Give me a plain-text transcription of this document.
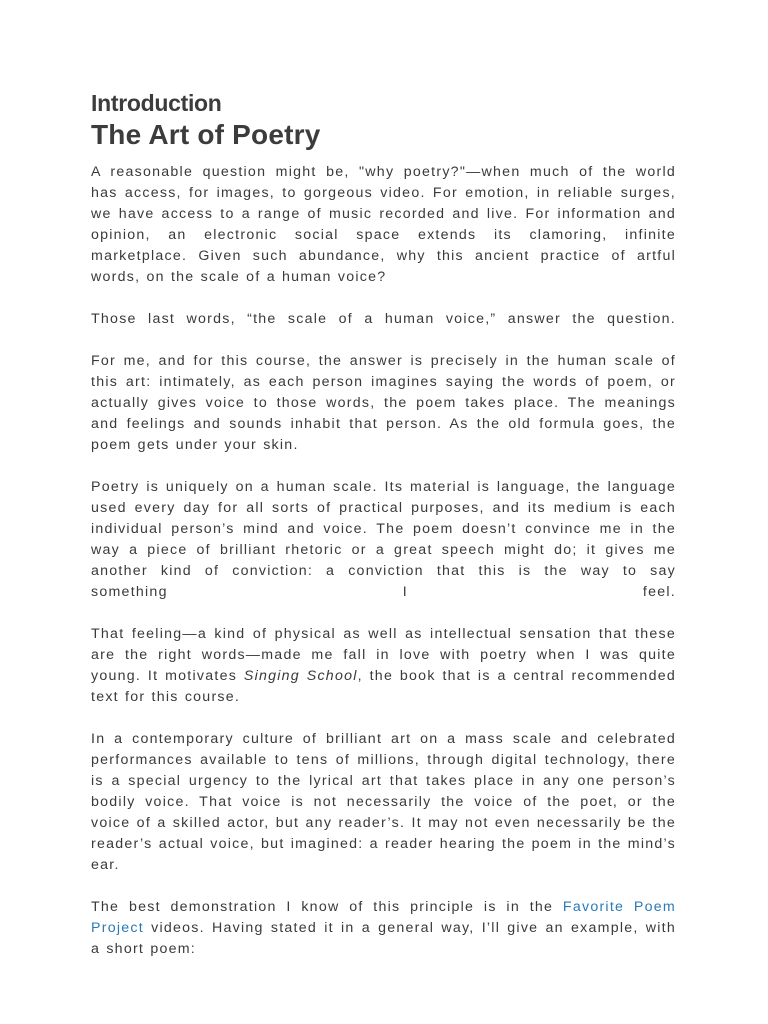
Introduction
The Art of Poetry

A reasonable question might be, "why poetry?"—when much of the world has access, for images, to gorgeous video. For emotion, in reliable surges, we have access to a range of music recorded and live. For information and opinion, an electronic social space extends its clamoring, infinite marketplace. Given such abundance, why this ancient practice of artful words, on the scale of a human voice?

Those last words, “the scale of a human voice,” answer the question.

For me, and for this course, the answer is precisely in the human scale of this art: intimately, as each person imagines saying the words of poem, or actually gives voice to those words, the poem takes place. The meanings and feelings and sounds inhabit that person. As the old formula goes, the poem gets under your skin.

Poetry is uniquely on a human scale. Its material is language, the language used every day for all sorts of practical purposes, and its medium is each individual person’s mind and voice. The poem doesn’t convince me in the way a piece of brilliant rhetoric or a great speech might do; it gives me another kind of conviction: a conviction that this is the way to say something I feel.

That feeling—a kind of physical as well as intellectual sensation that these are the right words—made me fall in love with poetry when I was quite young. It motivates Singing School, the book that is a central recommended text for this course.

In a contemporary culture of brilliant art on a mass scale and celebrated performances available to tens of millions, through digital technology, there is a special urgency to the lyrical art that takes place in any one person’s bodily voice. That voice is not necessarily the voice of the poet, or the voice of a skilled actor, but any reader’s. It may not even necessarily be the reader’s actual voice, but imagined: a reader hearing the poem in the mind’s ear.

The best demonstration I know of this principle is in the Favorite Poem Project videos. Having stated it in a general way, I’ll give an example, with a short poem:
